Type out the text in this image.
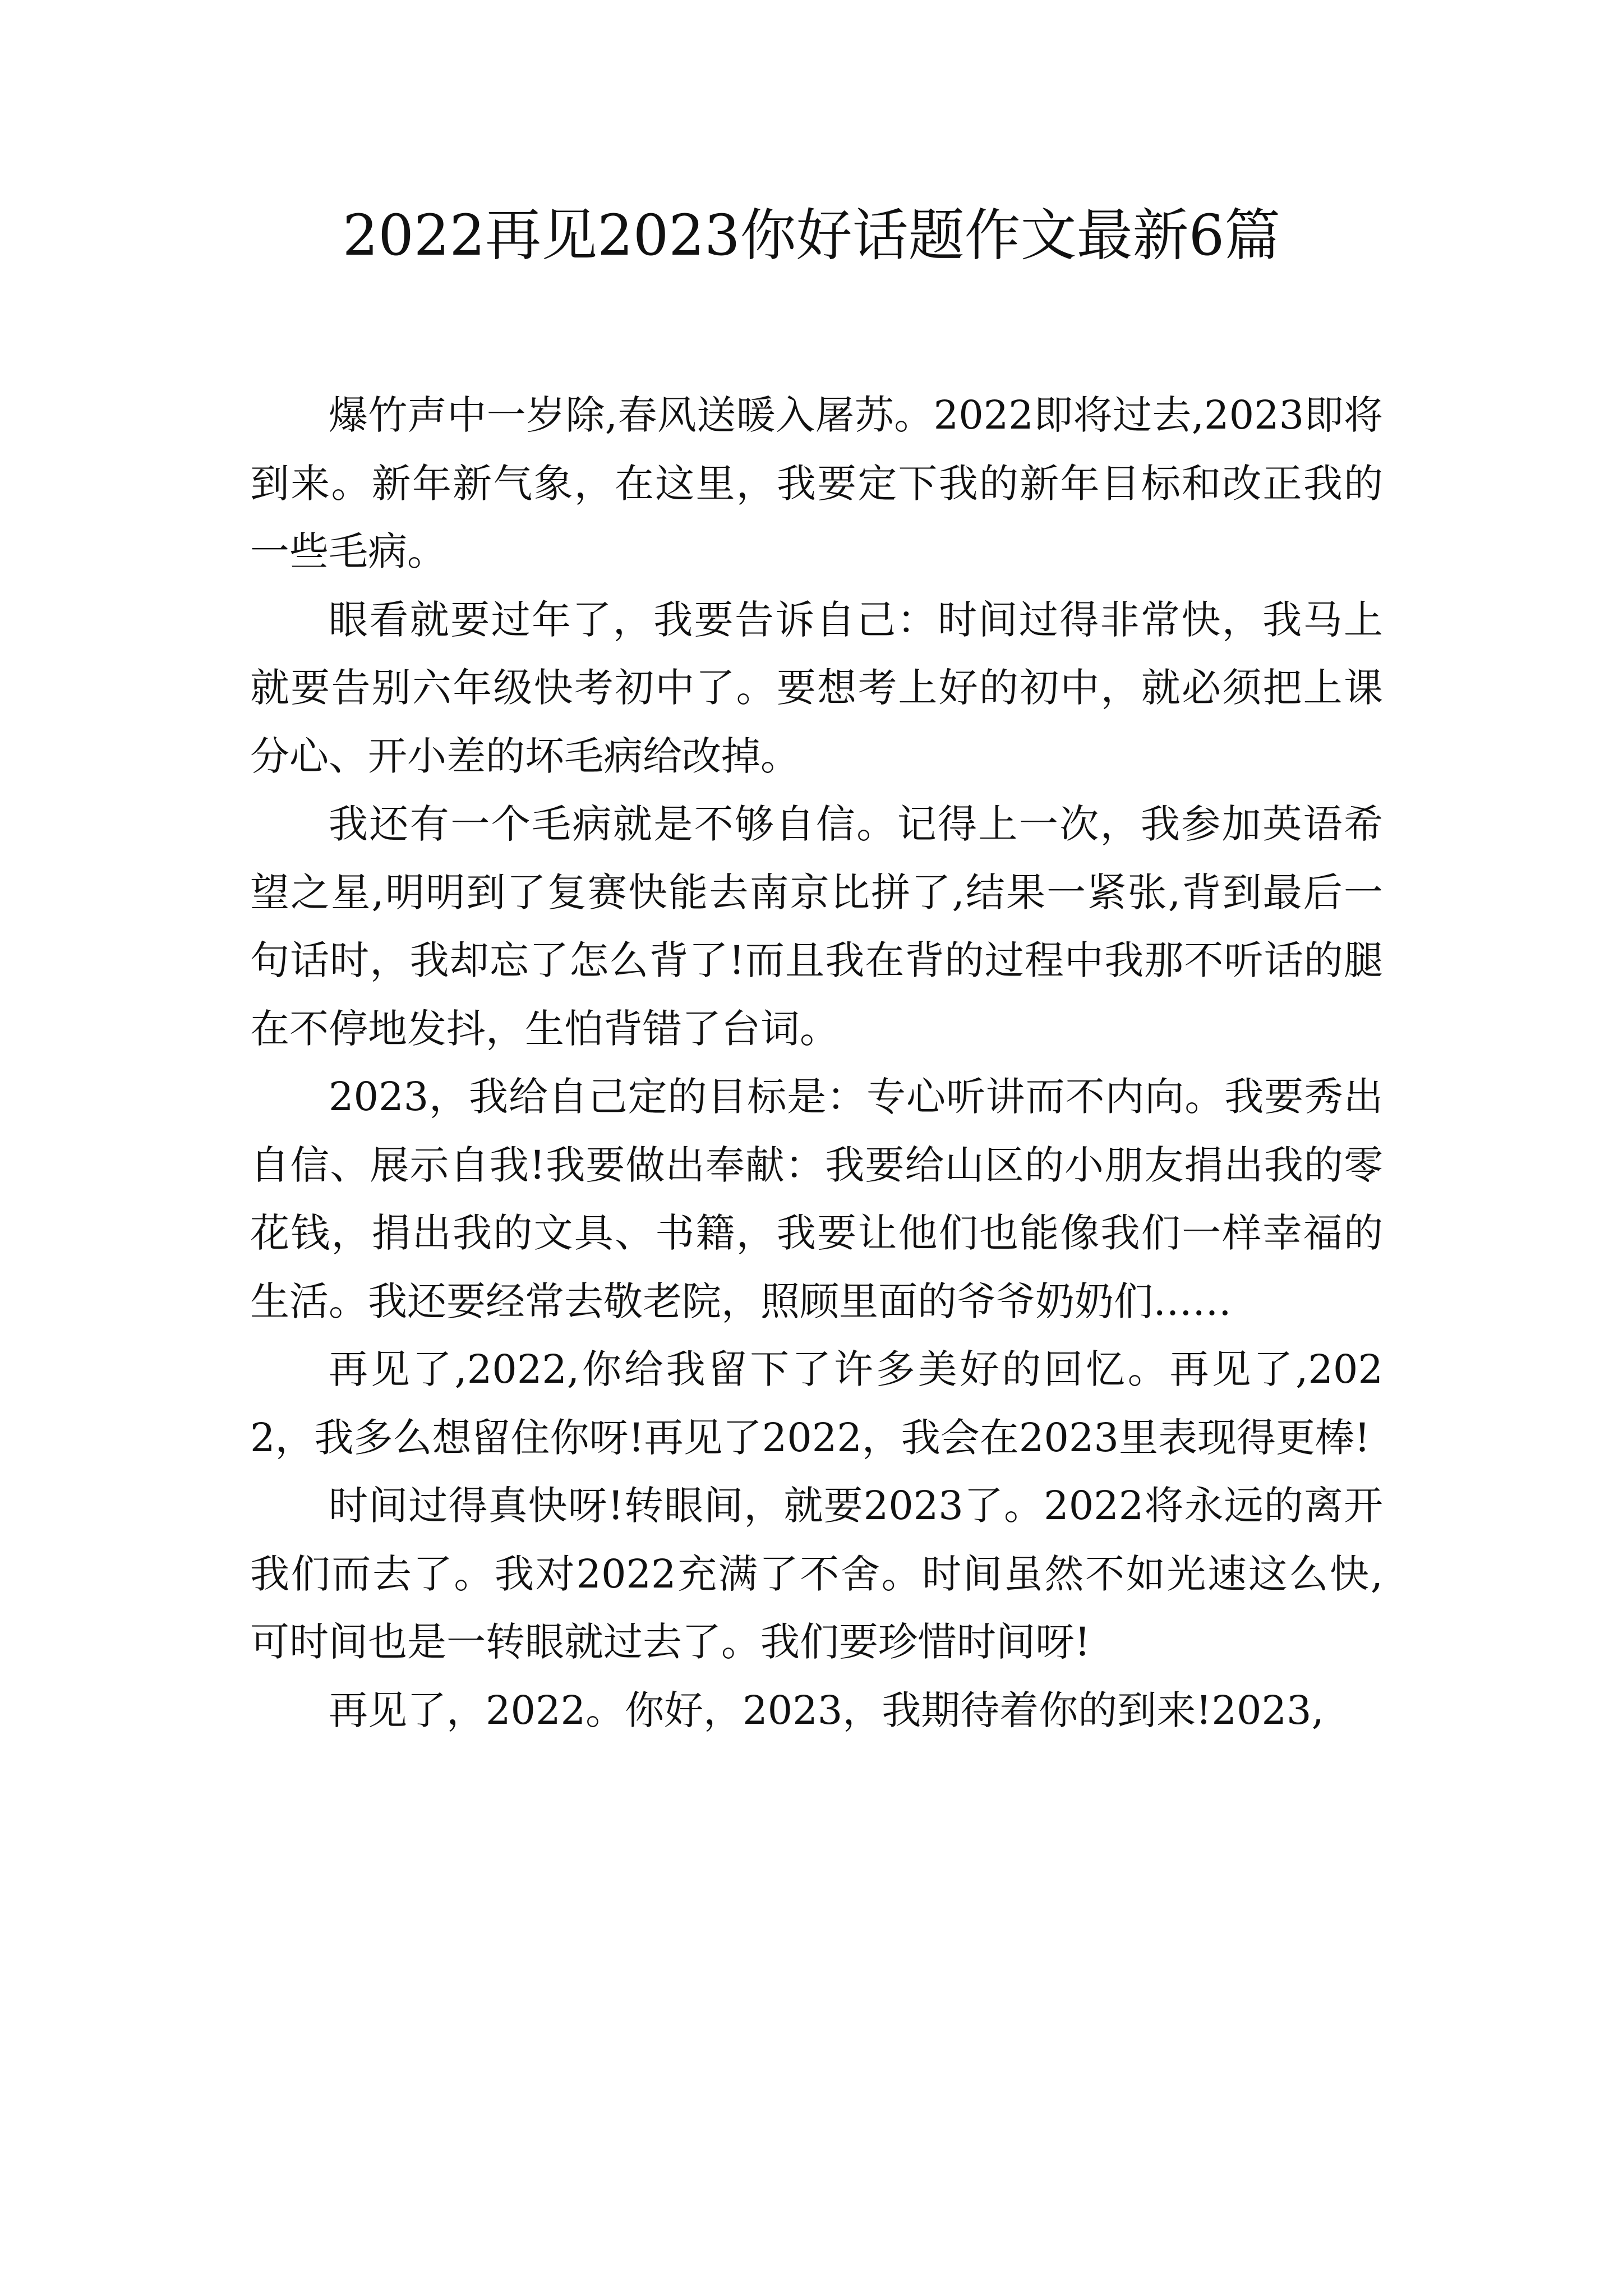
2022再见2023你好话题作文最新6篇

爆竹声中一岁除,春风送暖入屠苏。2022即将过去,2023即将到来。新年新气象，在这里，我要定下我的新年目标和改正我的一些毛病。

眼看就要过年了，我要告诉自己：时间过得非常快，我马上就要告别六年级快考初中了。要想考上好的初中，就必须把上课分心、开小差的坏毛病给改掉。

我还有一个毛病就是不够自信。记得上一次，我参加英语希望之星,明明到了复赛快能去南京比拼了,结果一紧张,背到最后一句话时，我却忘了怎么背了!而且我在背的过程中我那不听话的腿在不停地发抖，生怕背错了台词。

2023，我给自己定的目标是：专心听讲而不内向。我要秀出自信、展示自我!我要做出奉献：我要给山区的小朋友捐出我的零花钱，捐出我的文具、书籍，我要让他们也能像我们一样幸福的生活。我还要经常去敬老院，照顾里面的爷爷奶奶们……

再见了,2022,你给我留下了许多美好的回忆。再见了,2022，我多么想留住你呀!再见了2022，我会在2023里表现得更棒!

时间过得真快呀!转眼间，就要2023了。2022将永远的离开我们而去了。我对2022充满了不舍。时间虽然不如光速这么快,可时间也是一转眼就过去了。我们要珍惜时间呀!

再见了，2022。你好，2023，我期待着你的到来!2023,
